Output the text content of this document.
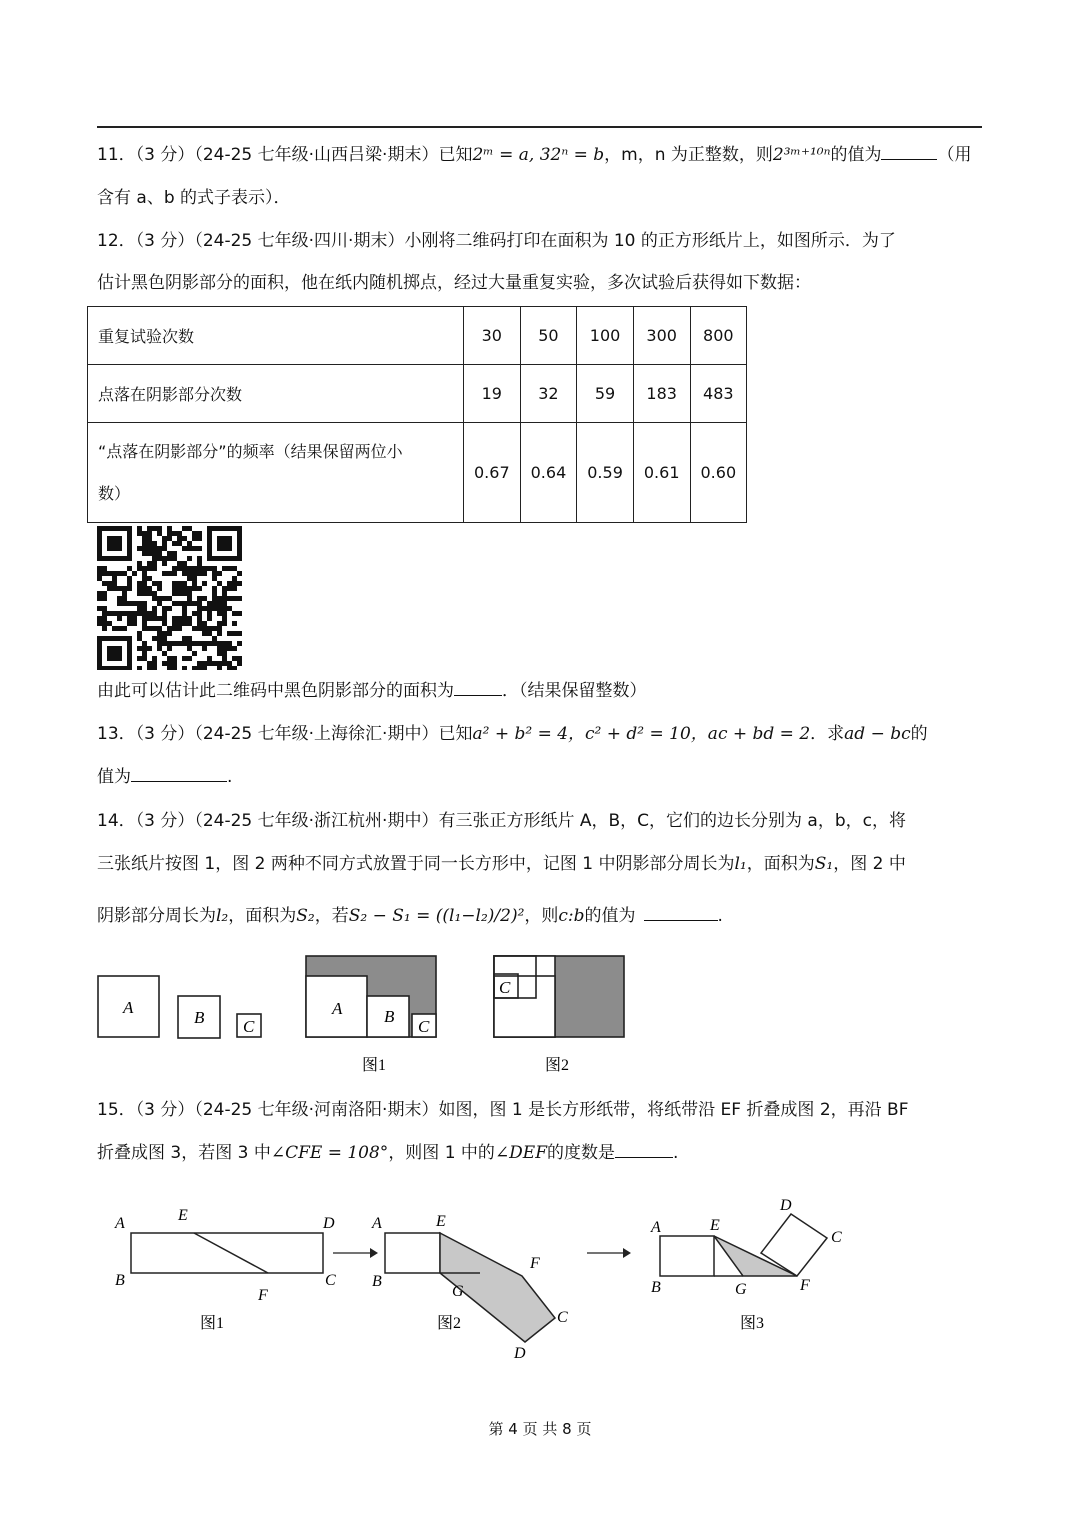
11．（3 分）（24-25 七年级·山西吕梁·期末）已知2ᵐ = a, 32ⁿ = b，m，n 为正整数，则2³ᵐ⁺¹⁰ⁿ的值为	（用
含有 a、b 的式子表示）．
12．（3 分）（24-25 七年级·四川·期末）小刚将二维码打印在面积为 10 的正方形纸片上，如图所示．为了
估计黑色阴影部分的面积，他在纸内随机掷点，经过大量重复实验，多次试验后获得如下数据：
重复试验次数	30	50	100	300	800
点落在阴影部分次数	19	32	59	183	483

“点落在阴影部分”的频率（结果保留两位小
数）	0.67	0.64	0.59	0.61	0.60
由此可以估计此二维码中黑色阴影部分的面积为	．（结果保留整数）
13．（3 分）（24-25 七年级·上海徐汇·期中）已知a² + b² = 4，c² + d² = 10，ac + bd = 2．求ad − bc的
值为	.
14．（3 分）（24-25 七年级·浙江杭州·期中）有三张正方形纸片 A，B，C，它们的边长分别为 a，b，c，将
三张纸片按图 1，图 2 两种不同方式放置于同一长方形中，记图 1 中阴影部分周长为l₁，面积为S₁，图 2 中
阴影部分周长为l₂，面积为S₂，若S₂ − S₁ = ((l₁−l₂)/2)²，则c:b的值为	.
A
B C
A B
C
图1
C
图2
15．（3 分）（24-25 七年级·河南洛阳·期末）如图，图 1 是长方形纸带，将纸带沿 EF 折叠成图 2，再沿 BF
折叠成图 3，若图 3 中∠CFE = 108°，则图 1 中的∠DEF的度数是	.
A	E	D
B	C
F
图1
A	E
B
G
F
C
D
图2
A	E
B	G	F
D
C
图3
第 4 页 共 8 页
